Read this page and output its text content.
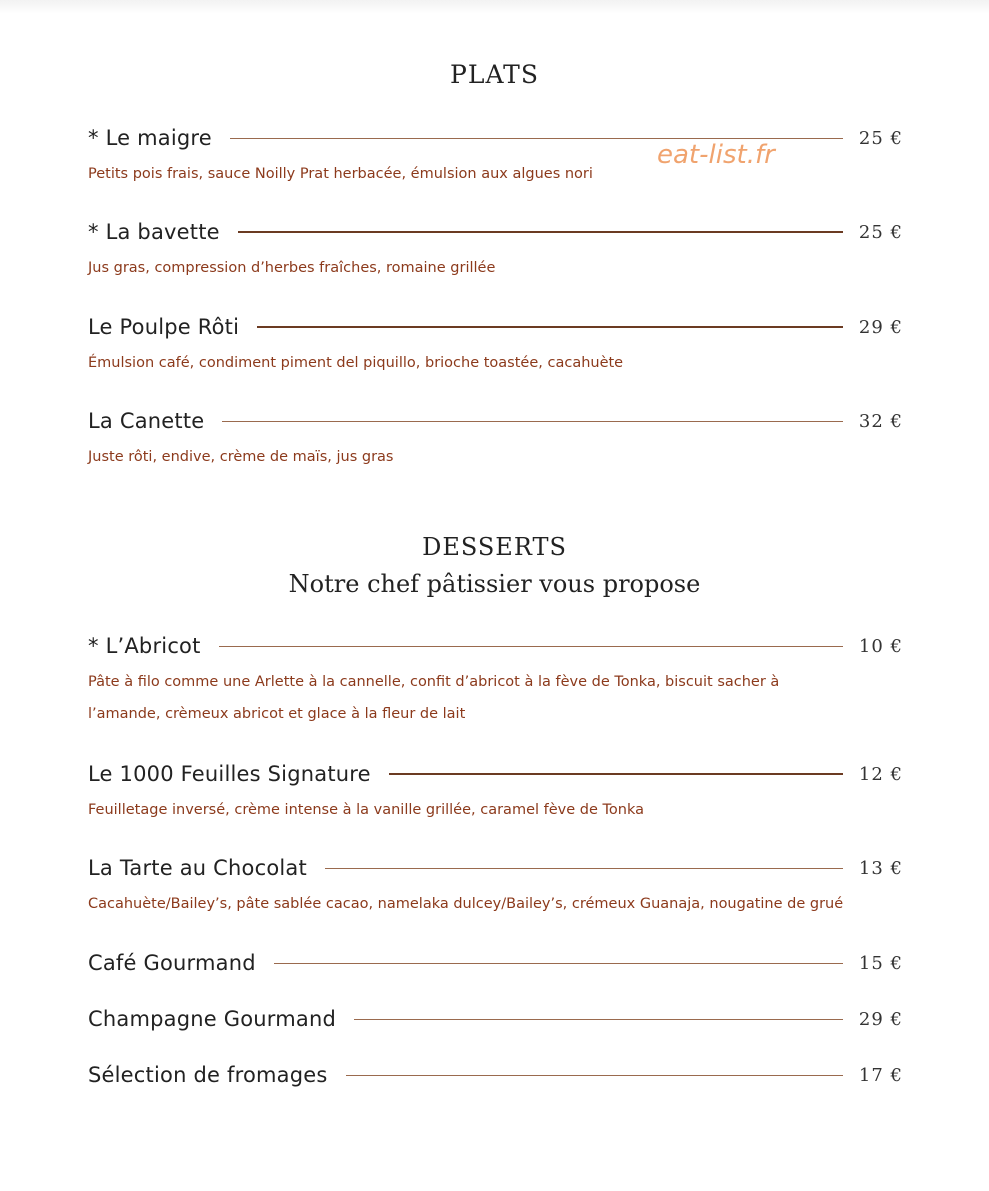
PLATS
* Le maigre	25 €
Petits pois frais, sauce Noilly Prat herbacée, émulsion aux algues nori
eat-list.fr
* La bavette	25 €
Jus gras, compression d’herbes fraîches, romaine grillée
Le Poulpe Rôti	29 €
Émulsion café, condiment piment del piquillo, brioche toastée, cacahuète
La Canette	32 €
Juste rôti, endive, crème de maïs, jus gras
DESSERTS
Notre chef pâtissier vous propose
* L’Abricot	10 €
Pâte à filo comme une Arlette à la cannelle, confit d’abricot à la fève de Tonka, biscuit sacher à l’amande, crèmeux abricot et glace à la fleur de lait
Le 1000 Feuilles Signature	12 €
Feuilletage inversé, crème intense à la vanille grillée, caramel fève de Tonka
La Tarte au Chocolat	13 €
Cacahuète/Bailey’s, pâte sablée cacao, namelaka dulcey/Bailey’s, crémeux Guanaja, nougatine de grué
Café Gourmand	15 €
Champagne Gourmand	29 €
Sélection de fromages	17 €
